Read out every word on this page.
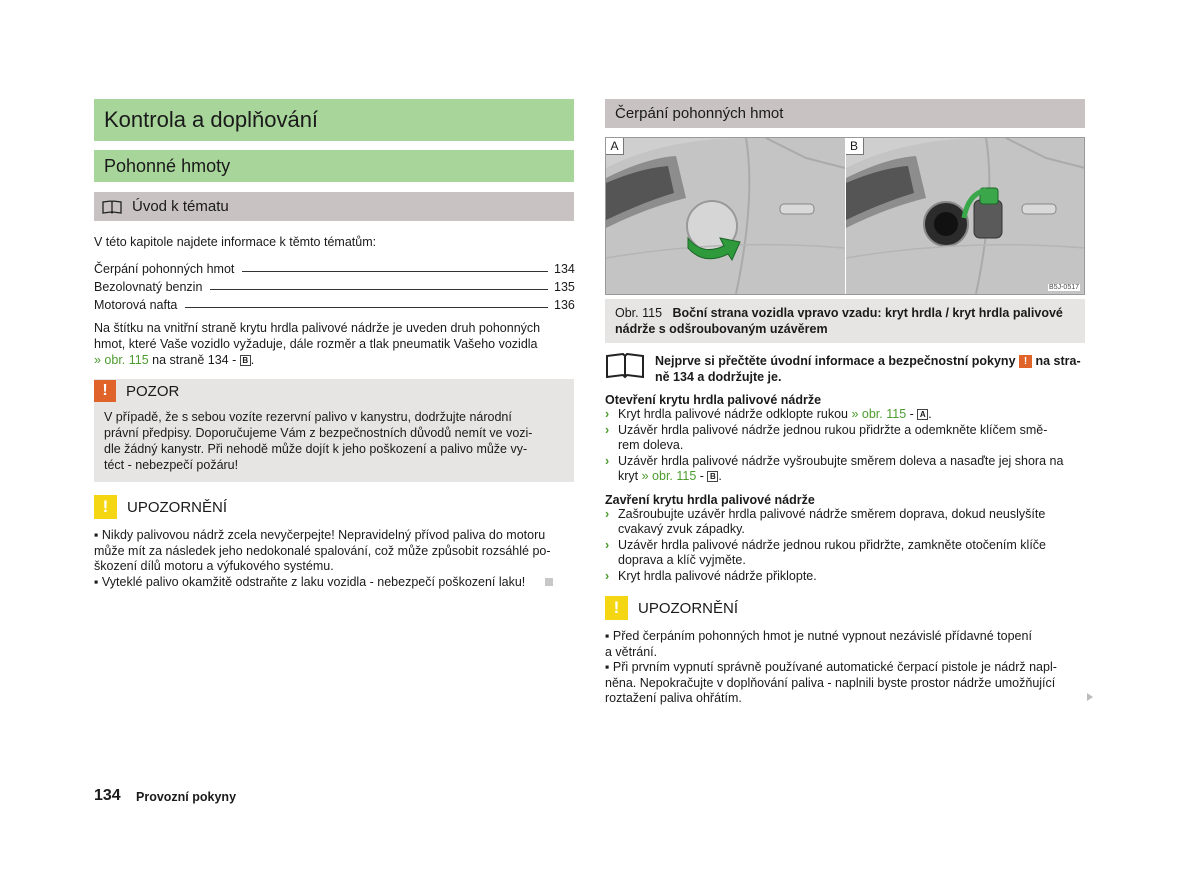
Kontrola a doplňování
Pohonné hmoty
Úvod k tématu
V této kapitole najdete informace k těmto tématům:
Čerpání pohonných hmot	134
Bezolovnatý benzin	135
Motorová nafta	136
Na štítku na vnitřní straně krytu hrdla palivové nádrže je uveden druh pohonných
hmot, které Vaše vozidlo vyžaduje, dále rozměr a tlak pneumatik Vašeho vozidla
» obr. 115 na straně 134 - B .
!	POZOR
V případě, že s sebou vozíte rezervní palivo v kanystru, dodržujte národní
právní předpisy. Doporučujeme Vám z bezpečnostních důvodů nemít ve vozi-
dle žádný kanystr. Při nehodě může dojít k jeho poškození a palivo může vy-
téct - nebezpečí požáru!
!	UPOZORNĚNÍ
▪ Nikdy palivovou nádrž zcela nevyčerpejte! Nepravidelný přívod paliva do motoru
může mít za následek jeho nedokonalé spalování, což může způsobit rozsáhlé po-
škození dílů motoru a výfukového systému.
▪ Vyteklé palivo okamžitě odstraňte z laku vozidla - nebezpečí poškození laku!
Čerpání pohonných hmot
A	B
B5J-0517
Obr. 115 Boční strana vozidla vpravo vzadu: kryt hrdla / kryt hrdla palivové
nádrže s odšroubovaným uzávěrem
Nejprve si přečtěte úvodní informace a bezpečnostní pokyny ! na stra-
ně 134 a dodržujte je.
Otevření krytu hrdla palivové nádrže
› Kryt hrdla palivové nádrže odklopte rukou » obr. 115 - A .
› Uzávěr hrdla palivové nádrže jednou rukou přidržte a odemkněte klíčem smě-
rem doleva.
› Uzávěr hrdla palivové nádrže vyšroubujte směrem doleva a nasaďte jej shora na
kryt » obr. 115 - B .
Zavření krytu hrdla palivové nádrže
› Zašroubujte uzávěr hrdla palivové nádrže směrem doprava, dokud neuslyšíte
cvakavý zvuk západky.
› Uzávěr hrdla palivové nádrže jednou rukou přidržte, zamkněte otočením klíče
doprava a klíč vyjměte.
› Kryt hrdla palivové nádrže přiklopte.
!	UPOZORNĚNÍ
▪ Před čerpáním pohonných hmot je nutné vypnout nezávislé přídavné topení
a větrání.
▪ Při prvním vypnutí správně používané automatické čerpací pistole je nádrž napl-
něna. Nepokračujte v doplňování paliva - naplnili byste prostor nádrže umožňující
roztažení paliva ohřátím.
134 Provozní pokyny
